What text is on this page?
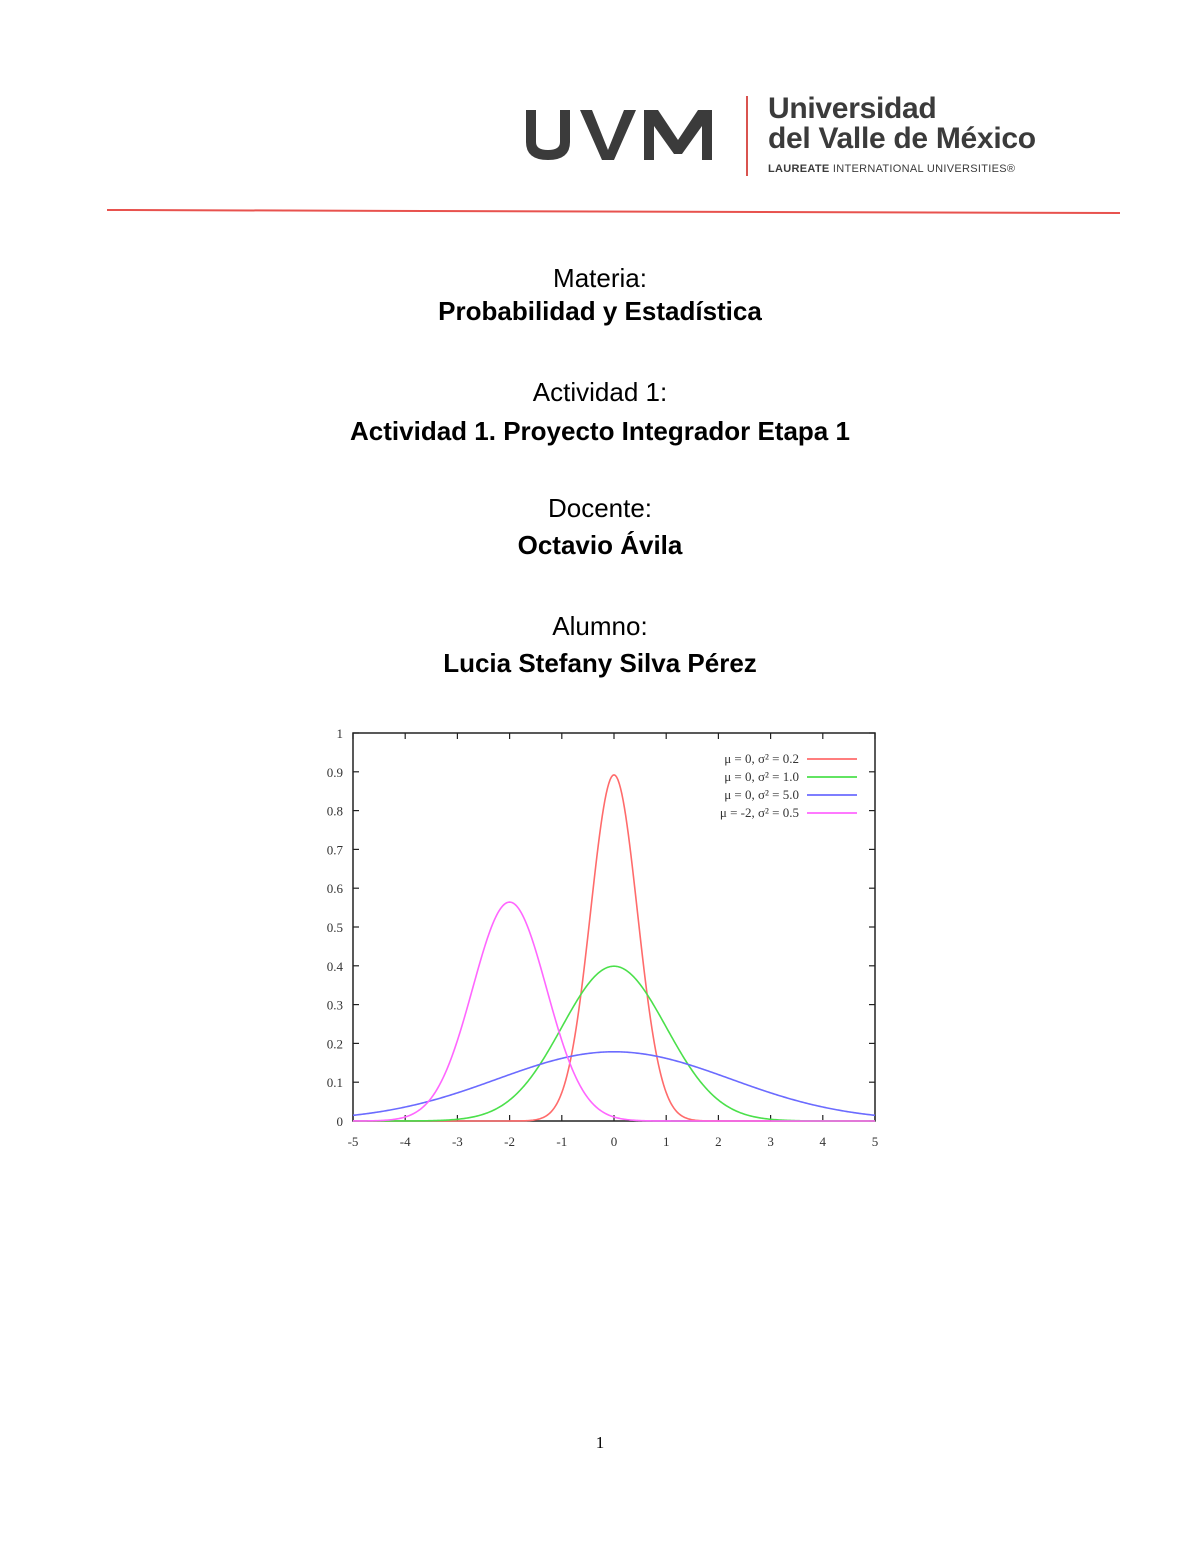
Universidad
del Valle de México
LAUREATE INTERNATIONAL UNIVERSITIES®
Materia:
Probabilidad y Estadística
Actividad 1:
Actividad 1. Proyecto Integrador Etapa 1
Docente:
Octavio Ávila
Alumno:
Lucia Stefany Silva Pérez
-5	-4	-3	-2	-1	0	1	2	3	4	5
0
0.1
0.2
0.3
0.4
0.5
0.6
0.7
0.8
0.9
1
μ = 0, σ² = 0.2
μ = 0, σ² = 1.0
μ = 0, σ² = 5.0
μ = -2, σ² = 0.5
1
